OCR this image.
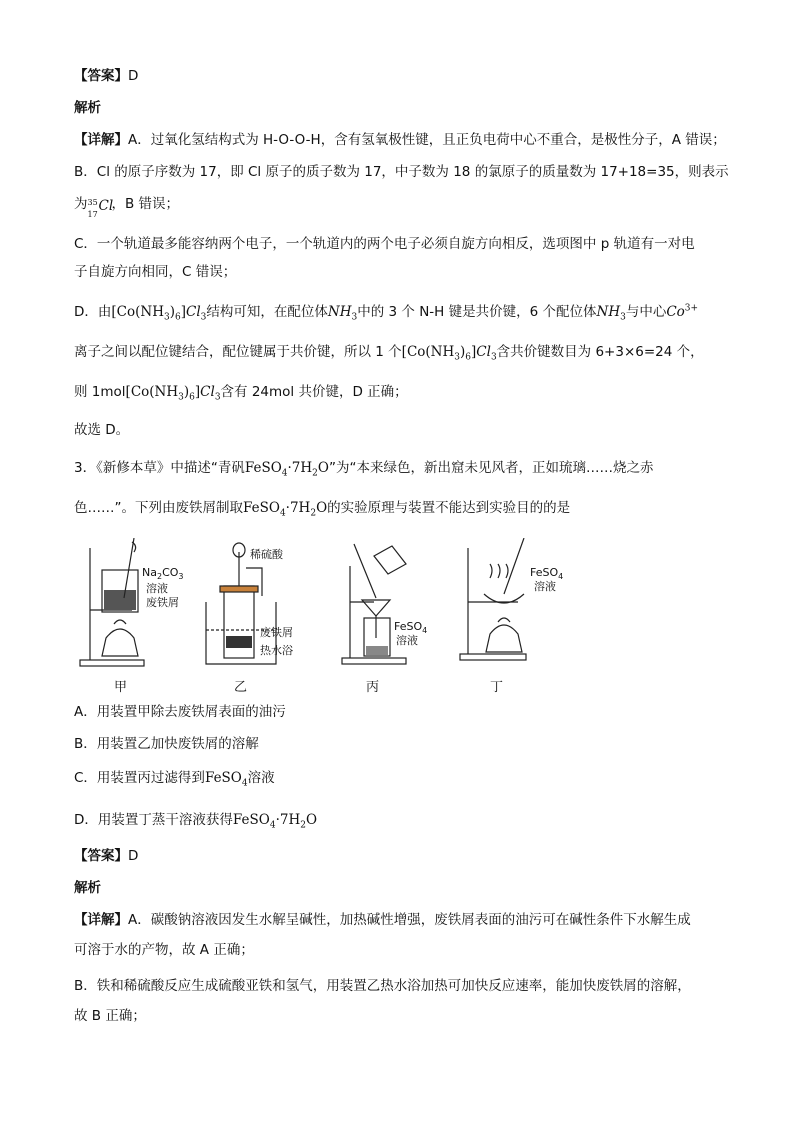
【答案】D
解析
【详解】A．过氧化氢结构式为 H-O-O-H，含有氢氧极性键，且正负电荷中心不重合，是极性分子，A 错误；
B．Cl 的原子序数为 17，即 Cl 原子的质子数为 17，中子数为 18 的氯原子的质量数为 17+18=35，则表示
为 35
17
Cl
，B 错误；
C．一个轨道最多能容纳两个电子，一个轨道内的两个电子必须自旋方向相反，选项图中 p 轨道有一对电
子自旋方向相同，C 错误；
D．由$[Co(NH_3)_6]Cl_3$结构可知，在配位体$NH_3$中的 3 个 N-H 键是共价键，6 个配位体$NH_3$与中心$Co^{3+}$
离子之间以配位键结合，配位键属于共价键，所以 1 个$[Co(NH_3)_6]Cl_3$含共价键数目为 6+3×6=24 个，
则 $1mol[Co(NH_3)_6]Cl_3$含有 24mol 共价键，D 正确；
故选 D。
3．《新修本草》中描述“青矾$FeSO_4\cdot 7H_2O$”为“本来绿色，新出窟未见风者，正如琉璃……烧之赤
色……”。下列由废铁屑制取$FeSO_4\cdot 7H_2O$的实验原理与装置不能达到实验目的的是
$Na_2CO_3$
溶液
废铁屑
稀硫酸
废铁屑
热水浴
FeSO$_4$
溶液
FeSO$_4$
溶液
甲	乙	丙	丁
A．用装置甲除去废铁屑表面的油污
B．用装置乙加快废铁屑的溶解
C．用装置丙过滤得到FeSO$_4$溶液
D．用装置丁蒸干溶液获得$FeSO_4\cdot 7H_2O$
【答案】D
解析
【详解】A．碳酸钠溶液因发生水解呈碱性，加热碱性增强，废铁屑表面的油污可在碱性条件下水解生成
可溶于水的产物，故 A 正确；
B．铁和稀硫酸反应生成硫酸亚铁和氢气，用装置乙热水浴加热可加快反应速率，能加快废铁屑的溶解，
故 B 正确；
